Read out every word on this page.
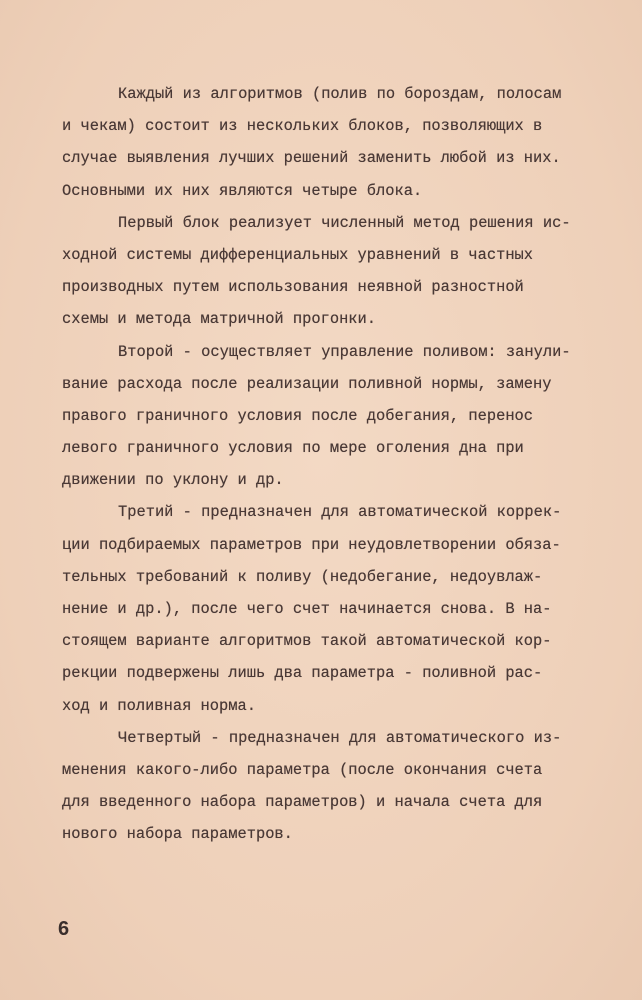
Каждый из алгоритмов (полив по бороздам, полосам
и чекам) состоит из нескольких блоков, позволяющих в
случае выявления лучших решений заменить любой из них.
Основными их них являются четыре блока.
Первый блок реализует численный метод решения ис-
ходной системы дифференциальных уравнений в частных
производных путем использования неявной разностной
схемы и метода матричной прогонки.
Второй - осуществляет управление поливом: занули-
вание расхода после реализации поливной нормы, замену
правого граничного условия после добегания, перенос
левого граничного условия по мере оголения дна при
движении по уклону и др.
Третий - предназначен для автоматической коррек-
ции подбираемых параметров при неудовлетворении обяза-
тельных требований к поливу (недобегание, недоувлаж-
нение и др.), после чего счет начинается снова. В на-
стоящем варианте алгоритмов такой автоматической кор-
рекции подвержены лишь два параметра - поливной рас-
ход и поливная норма.
Четвертый - предназначен для автоматического из-
менения какого-либо параметра (после окончания счета
для введенного набора параметров) и начала счета для
нового набора параметров.
6
